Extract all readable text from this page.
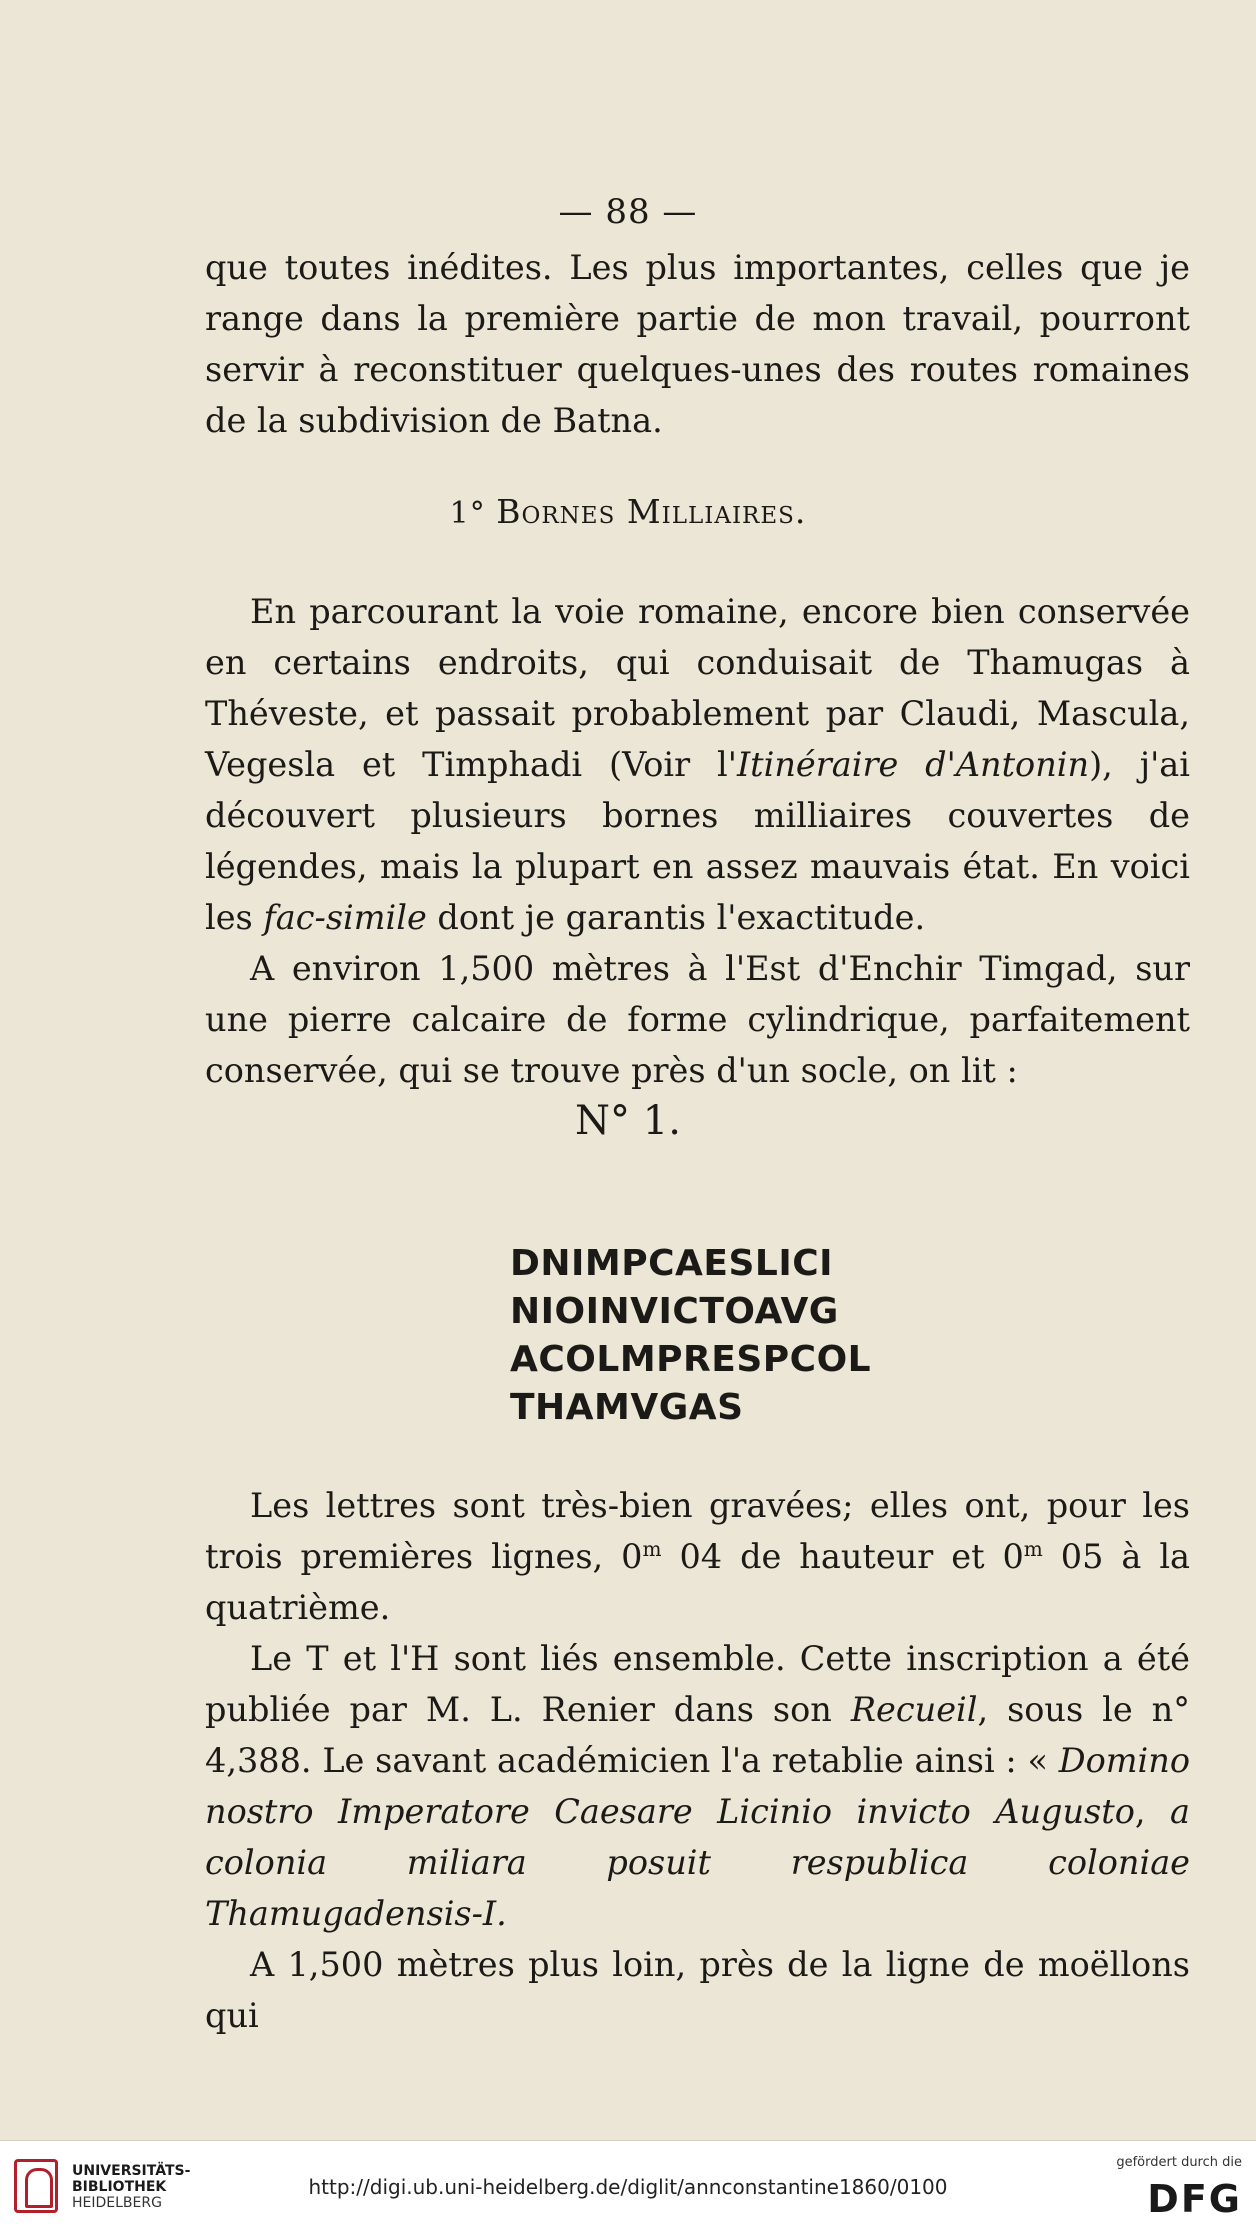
— 88 —

que toutes inédites. Les plus importantes, celles que je range dans la première partie de mon travail, pourront servir à reconstituer quelques-unes des routes romaines de la subdivision de Batna.

1° Bornes Milliaires.

En parcourant la voie romaine, encore bien conservée en certains endroits, qui conduisait de Thamugas à Théveste, et passait probablement par Claudi, Mascula, Vegesla et Timphadi (Voir l'Itinéraire d'Antonin), j'ai découvert plusieurs bornes milliaires couvertes de légendes, mais la plupart en assez mauvais état. En voici les fac-simile dont je garantis l'exactitude.

A environ 1,500 mètres à l'Est d'Enchir Timgad, sur une pierre calcaire de forme cylindrique, parfaitement conservée, qui se trouve près d'un socle, on lit :

N° 1.
DNIMPCAESLICI
NIOINVICTOAVG
ACOLMPRESPCOL
THAMVGAS

Les lettres sont très-bien gravées; elles ont, pour les trois premières lignes, 0$^m$ 04 de hauteur et 0$^m$ 05 à la quatrième.

Le T et l'H sont liés ensemble. Cette inscription a été publiée par M. L. Renier dans son Recueil, sous le n° 4,388. Le savant académicien l'a retablie ainsi : « Domino nostro Imperatore Caesare Licinio invicto Augusto, a colonia miliara posuit respublica coloniae Thamugadensis-I.

A 1,500 mètres plus loin, près de la ligne de moëllons qui

UNIVERSITÄTS-
BIBLIOTHEK
HEIDELBERG
http://digi.ub.uni-heidelberg.de/diglit/annconstantine1860/0100
gefördert durch die
DFG
